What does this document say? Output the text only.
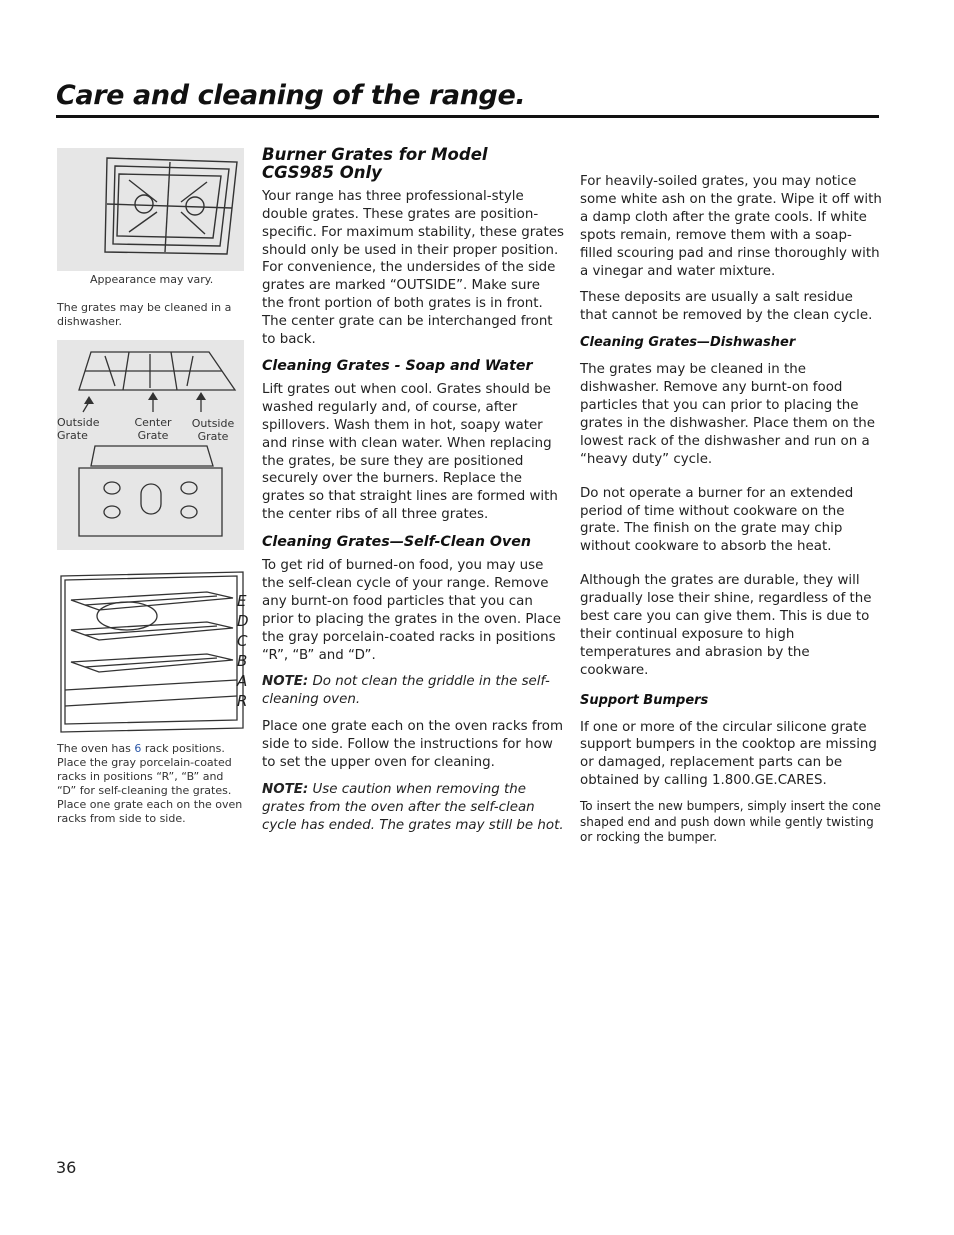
Care and cleaning of the range.

Appearance may vary.

The grates may be cleaned in a dishwasher.

Outside Grate
Center Grate
Outside Grate
E
D
C
B
A
R

The oven has 6 rack positions. Place the gray porcelain-coated racks in positions “R”, “B” and “D” for self-cleaning the grates. Place one grate each on the oven racks from side to side.

Burner Grates for Model CGS985 Only

Your range has three professional-style double grates. These grates are position-specific. For maximum stability, these grates should only be used in their proper position. For convenience, the undersides of the side grates are marked “OUTSIDE”. Make sure the front portion of both grates is in front. The center grate can be interchanged front to back.

Cleaning Grates - Soap and Water

Lift grates out when cool. Grates should be washed regularly and, of course, after spillovers. Wash them in hot, soapy water and rinse with clean water. When replacing the grates, be sure they are positioned securely over the burners. Replace the grates so that straight lines are formed with the center ribs of all three grates.

Cleaning Grates—Self-Clean Oven

To get rid of burned-on food, you may use the self-clean cycle of your range. Remove any burnt-on food particles that you can prior to placing the grates in the oven. Place the gray porcelain-coated racks in positions “R”, “B” and “D”.

NOTE: Do not clean the griddle in the self-cleaning oven.

Place one grate each on the oven racks from side to side. Follow the instructions for how to set the upper oven for cleaning.

NOTE: Use caution when removing the grates from the oven after the self-clean cycle has ended. The grates may still be hot.

For heavily-soiled grates, you may notice some white ash on the grate. Wipe it off with a damp cloth after the grate cools. If white spots remain, remove them with a soap-filled scouring pad and rinse thoroughly with a vinegar and water mixture.

These deposits are usually a salt residue that cannot be removed by the clean cycle.

Cleaning Grates—Dishwasher

The grates may be cleaned in the dishwasher. Remove any burnt-on food particles that you can prior to placing the grates in the dishwasher. Place them on the lowest rack of the dishwasher and run on a “heavy duty” cycle.

Do not operate a burner for an extended period of time without cookware on the grate. The finish on the grate may chip without cookware to absorb the heat.

Although the grates are durable, they will gradually lose their shine, regardless of the best care you can give them. This is due to their continual exposure to high temperatures and abrasion by the cookware.

Support Bumpers

If one or more of the circular silicone grate support bumpers in the cooktop are missing or damaged, replacement parts can be obtained by calling 1.800.GE.CARES.

To insert the new bumpers, simply insert the cone shaped end and push down while gently twisting or rocking the bumper.

36
